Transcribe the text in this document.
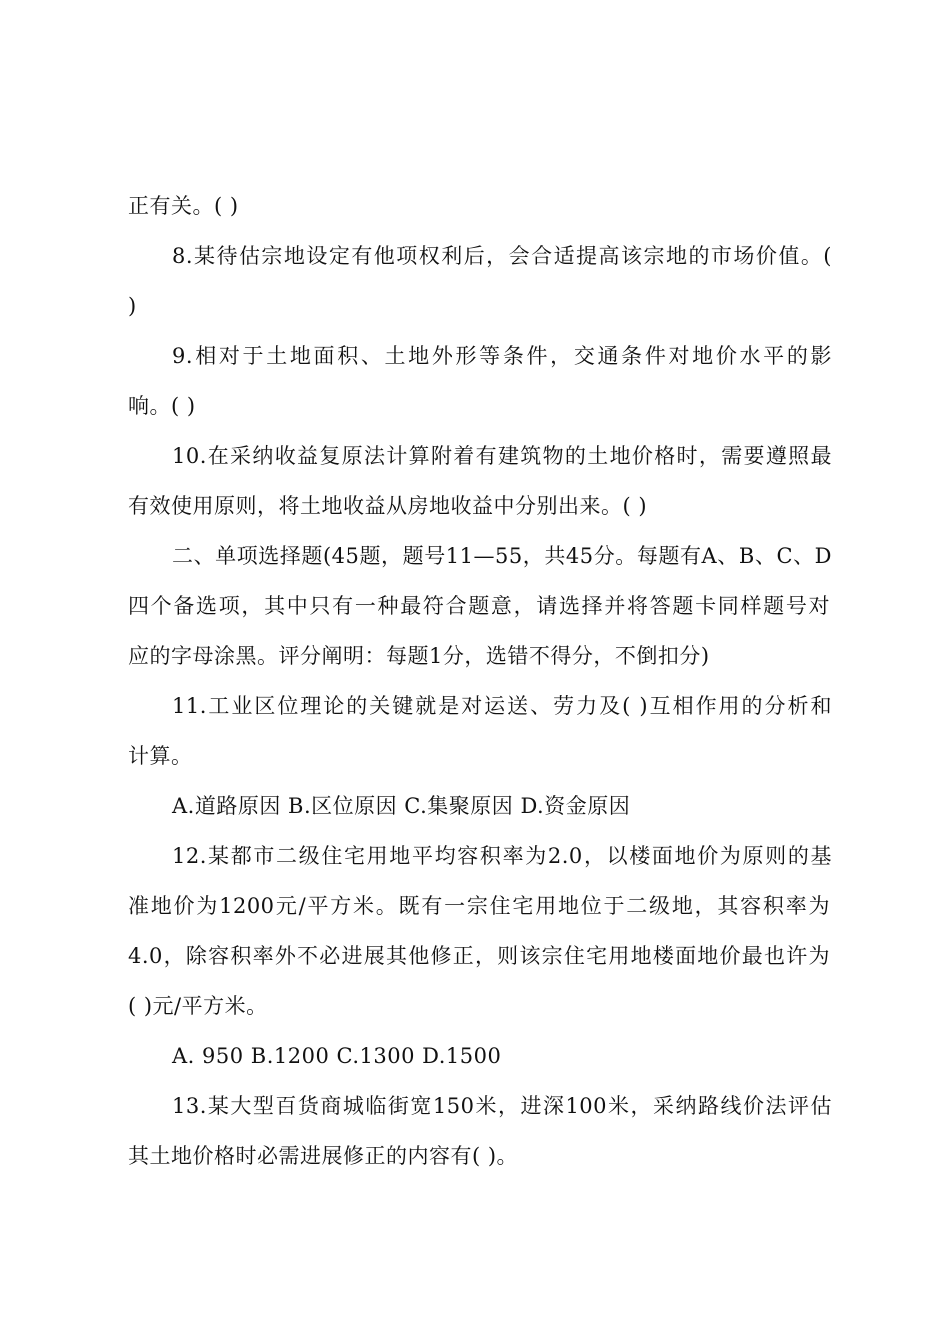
正有关。( )
8.某待估宗地设定有他项权利后，会合适提高该宗地的市场价值。(
)
9.相对于土地面积、土地外形等条件，交通条件对地价水平的影
响。( )
10.在采纳收益复原法计算附着有建筑物的土地价格时，需要遵照最
有效使用原则，将土地收益从房地收益中分别出来。( )
二、单项选择题(45题，题号11—55，共45分。每题有A、B、C、D
四个备选项，其中只有一种最符合题意，请选择并将答题卡同样题号对
应的字母涂黑。评分阐明：每题1分，选错不得分，不倒扣分)
11.工业区位理论的关键就是对运送、劳力及( )互相作用的分析和
计算。
A.道路原因 B.区位原因 C.集聚原因 D.资金原因
12.某都市二级住宅用地平均容积率为2.0，以楼面地价为原则的基
准地价为1200元/平方米。既有一宗住宅用地位于二级地，其容积率为
4.0，除容积率外不必进展其他修正，则该宗住宅用地楼面地价最也许为
( )元/平方米。
A. 950 B.1200 C.1300 D.1500
13.某大型百货商城临街宽150米，进深100米，采纳路线价法评估
其土地价格时必需进展修正的内容有( )。
